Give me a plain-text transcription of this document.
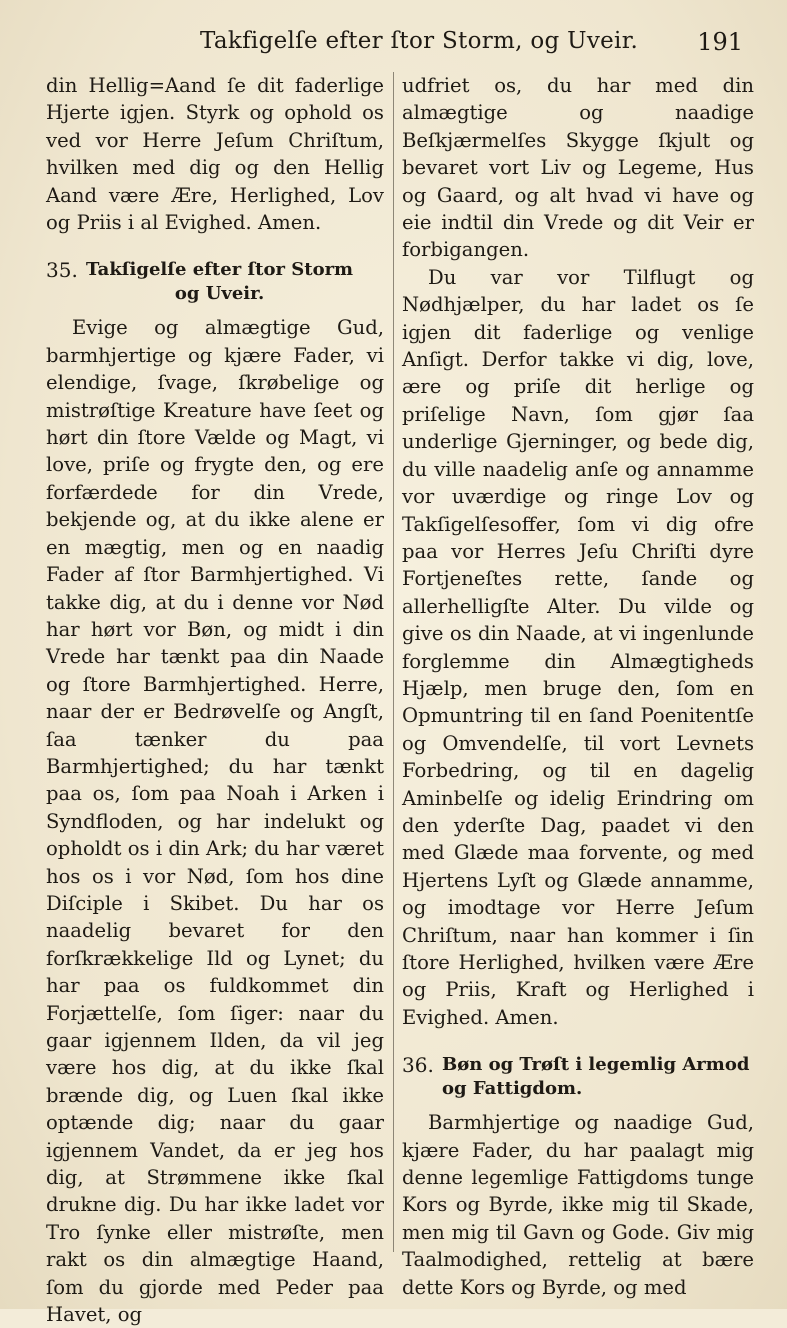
Takfigelſe efter ſtor Storm, og Uveir. 191

din Hellig=Aand ſe dit faderlige Hjerte igjen. Styrk og ophold os ved vor Herre Jeſum Chriſtum, hvilken med dig og den Hellig Aand være Ære, Herlighed, Lov og Priis i al Evighed. Amen.

35. Takſigelſe efter ſtor Storm
og Uveir.

Evige og almægtige Gud, barmhjertige og kjære Fader, vi elendige, ſvage, ſkrøbelige og mistrøſtige Kreature have ſeet og hørt din ſtore Vælde og Magt, vi love, priſe og frygte den, og ere forfærdede for din Vrede, bekjende og, at du ikke alene er en mægtig, men og en naadig Fader af ſtor Barmhjertighed. Vi takke dig, at du i denne vor Nød har hørt vor Bøn, og midt i din Vrede har tænkt paa din Naade og ſtore Barmhjertighed. Herre, naar der er Bedrøvelſe og Angſt, ſaa tænker du paa Barmhjertighed; du har tænkt paa os, ſom paa Noah i Arken i Syndfloden, og har indelukt og opholdt os i din Ark; du har været hos os i vor Nød, ſom hos dine Diſciple i Skibet. Du har os naadelig bevaret for den forſkrækkelige Ild og Lynet; du har paa os fuldkommet din Forjættelſe, ſom ſiger: naar du gaar igjennem Ilden, da vil jeg være hos dig, at du ikke ſkal brænde dig, og Luen ſkal ikke optænde dig; naar du gaar igjennem Vandet, da er jeg hos dig, at Strømmene ikke ſkal drukne dig. Du har ikke ladet vor Tro ſynke eller mistrøſte, men rakt os din almægtige Haand, ſom du gjorde med Peder paa Havet, og

udfriet os, du har med din almægtige og naadige Beſkjærmelſes Skygge ſkjult og bevaret vort Liv og Legeme, Hus og Gaard, og alt hvad vi have og eie indtil din Vrede og dit Veir er forbigangen.

Du var vor Tilflugt og Nødhjælper, du har ladet os ſe igjen dit faderlige og venlige Anſigt. Derfor takke vi dig, love, ære og priſe dit herlige og priſelige Navn, ſom gjør ſaa underlige Gjerninger, og bede dig, du ville naadelig anſe og annamme vor uværdige og ringe Lov og Takſigelſesoffer, ſom vi dig ofre paa vor Herres Jeſu Chriſti dyre Fortjeneſtes rette, ſande og allerhelligſte Alter. Du vilde og give os din Naade, at vi ingenlunde forglemme din Almægtigheds Hjælp, men bruge den, ſom en Opmuntring til en ſand Poenitentſe og Omvendelſe, til vort Levnets Forbedring, og til en dagelig Aminbelſe og idelig Erindring om den yderſte Dag, paadet vi den med Glæde maa forvente, og med Hjertens Lyſt og Glæde annamme, og imodtage vor Herre Jeſum Chriſtum, naar han kommer i ſin ſtore Herlighed, hvilken være Ære og Priis, Kraft og Herlighed i Evighed. Amen.

36. Bøn og Trøſt i legemlig Armod og Fattigdom.

Barmhjertige og naadige Gud, kjære Fader, du har paalagt mig denne legemlige Fattigdoms tunge Kors og Byrde, ikke mig til Skade, men mig til Gavn og Gode. Giv mig Taalmodighed, rettelig at bære dette Kors og Byrde, og med
